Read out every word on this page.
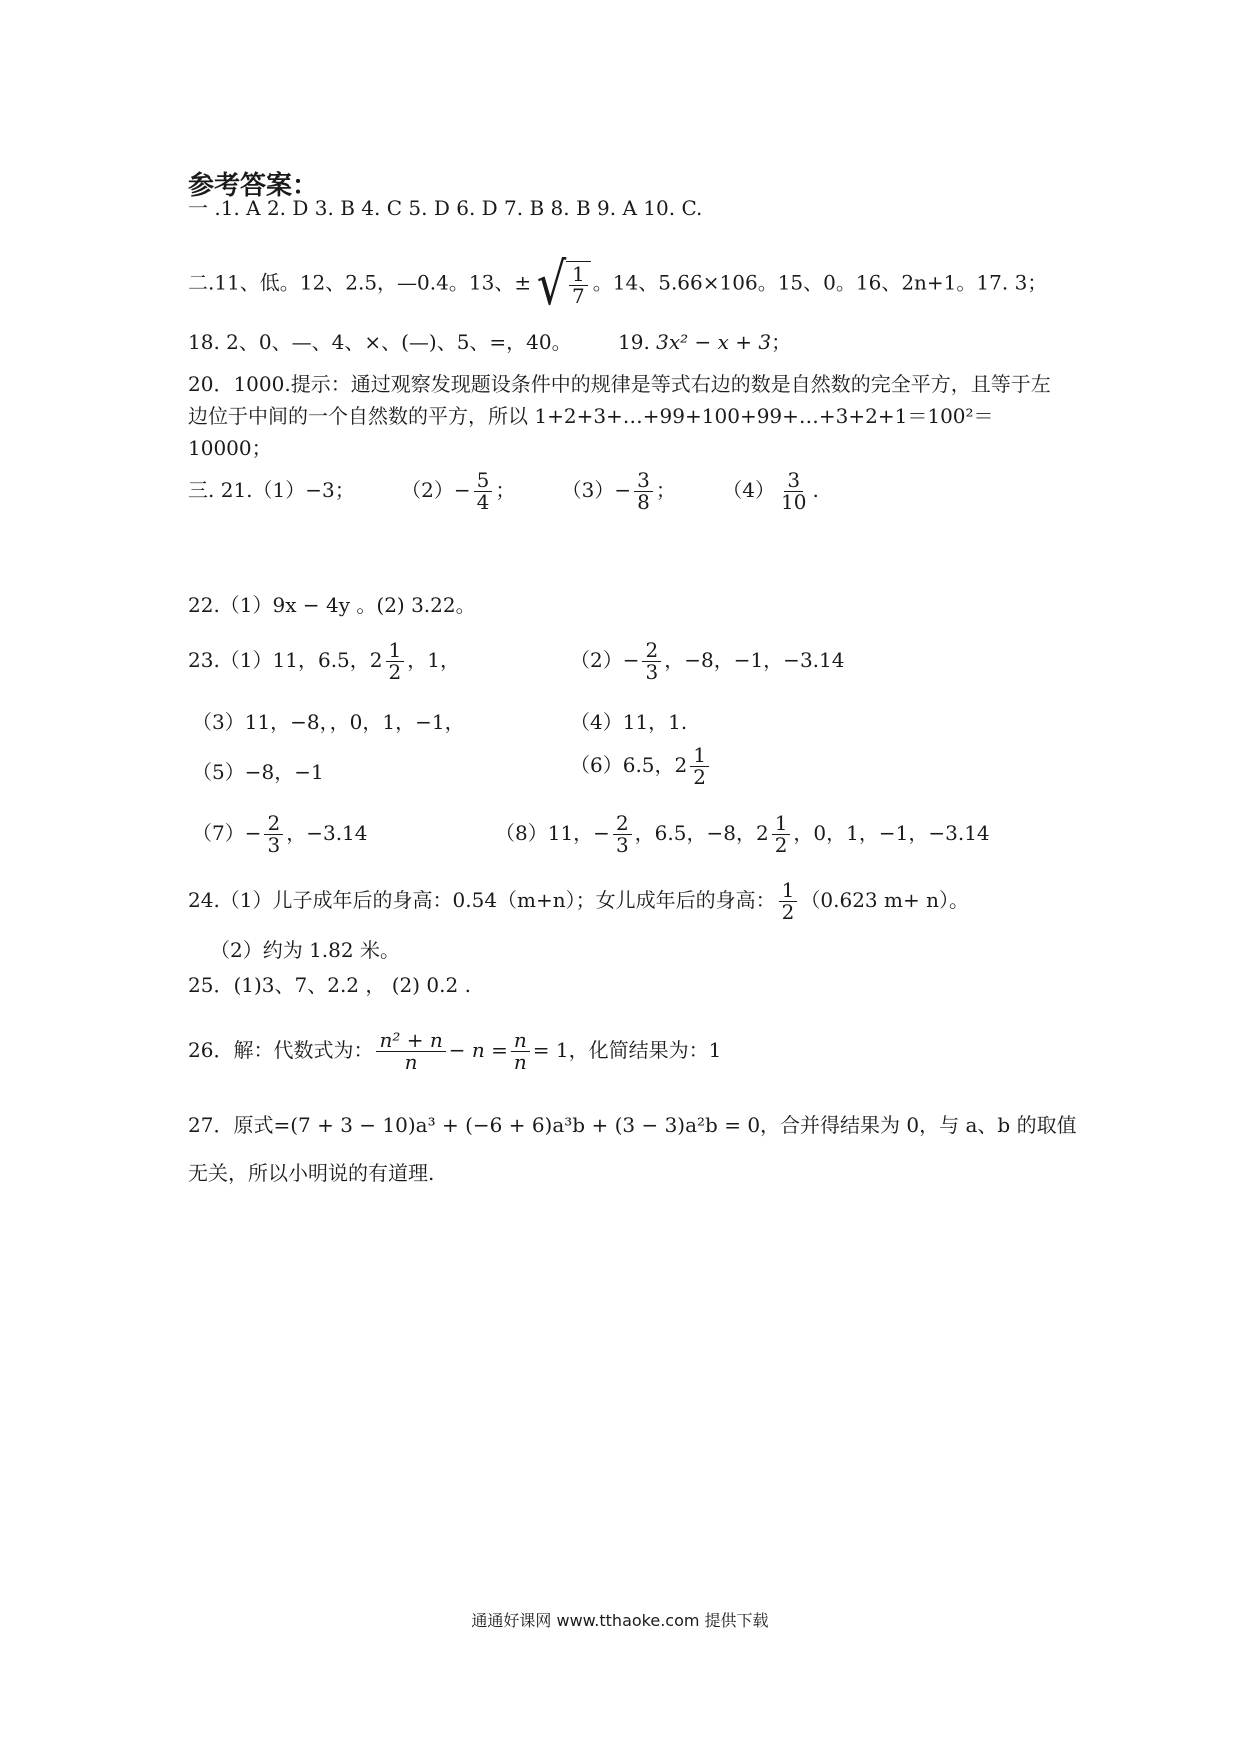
参考答案：
一 .1. A 2. D 3. B 4. C 5. D 6. D 7. B 8. B 9. A 10. C.
二.11、低。12、2.5，—0.4。13、± √ $\frac{1}{7}$ 。14、5.66×106。15、0。16、2n+1。17. 3；
18. 2、0、—、4、×、(—)、5、=，40。 19. 3x² − x + 3；
20．1000.提示：通过观察发现题设条件中的规律是等式右边的数是自然数的完全平方，且等于左边位于中间的一个自然数的平方，所以 1+2+3+…+99+100+99+…+3+2+1＝100²＝10000；
三. 21.（1）−3； $(2)- \frac{5}{4}$ ； $(3)- \frac{3}{8}$ ； $(4) \frac{3}{10}$ .
22.（1）9x − 4y 。(2) 3.22。
23.（1）11，6.5，$2 \frac{1}{2}$ ，1，	$(2)- \frac{2}{3}$ ，−8，−1，−3.14
（3）11，−8，，0，1，−1，	（4）11，1.
（5）−8，−1	（6）6.5，$2 \frac{1}{2}$
$(7)- \frac{2}{3}$ ，−3.14	（8）11，− $\frac{2}{3}$ ，6.5，−8，$2 \frac{1}{2}$ ，0，1，−1，−3.14
24.（1）儿子成年后的身高：0.54（m+n）；女儿成年后的身高： $\frac{1}{2} (0.623$ m+ n）。
（2）约为 1.82 米。
25．(1)3、7、2.2 ， (2) 0.2 .
26．解：代数式为： $\frac{\text{n² + n}}{n} - n = \frac{n}{n} = 1$，化简结果为：1
27．原式=(7 + 3 − 10)a³ + (−6 + 6)a³b + (3 − 3)a²b = 0，合并得结果为 0，与 a、b 的取值
无关，所以小明说的有道理.
通通好课网 www.tthaoke.com 提供下载
